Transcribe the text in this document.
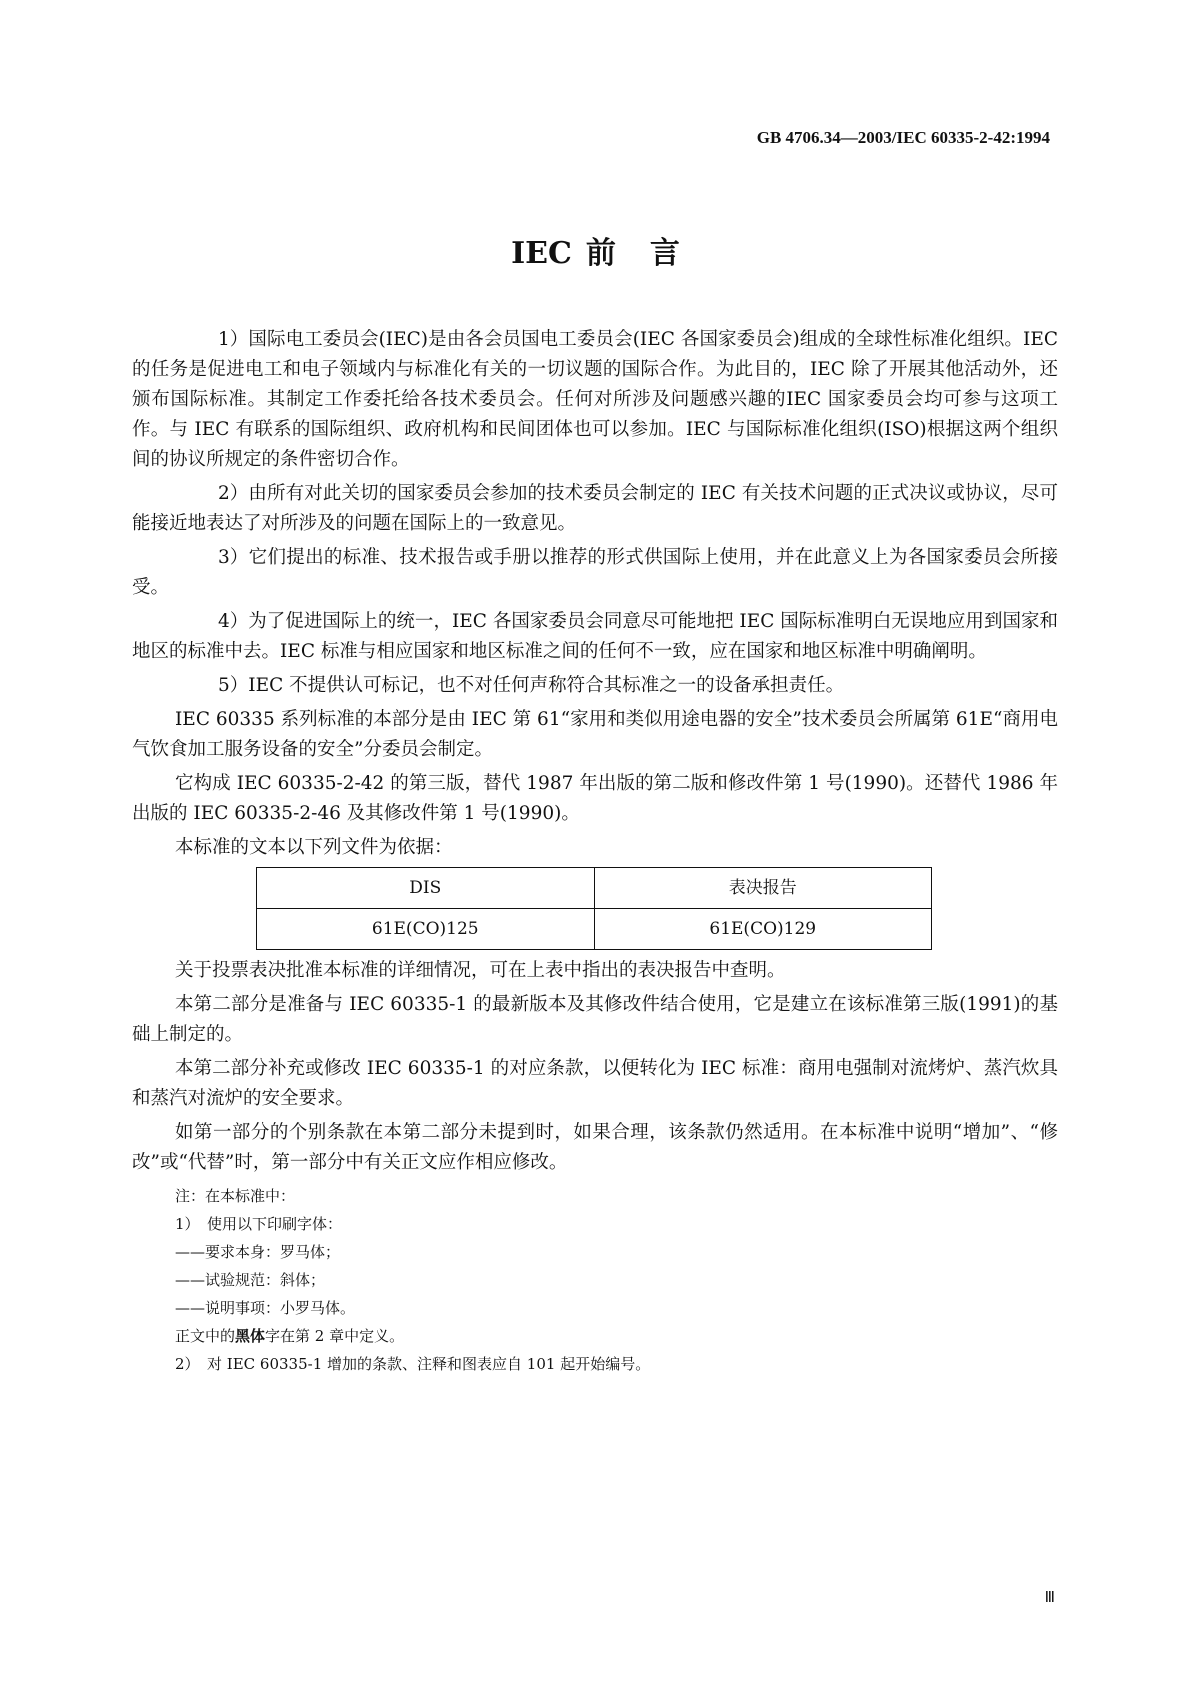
GB 4706.34—2003/IEC 60335-2-42:1994
IEC 前 言

1）国际电工委员会(IEC)是由各会员国电工委员会(IEC 各国家委员会)组成的全球性标准化组织。IEC 的任务是促进电工和电子领域内与标准化有关的一切议题的国际合作。为此目的，IEC 除了开展其他活动外，还颁布国际标准。其制定工作委托给各技术委员会。任何对所涉及问题感兴趣的IEC 国家委员会均可参与这项工作。与 IEC 有联系的国际组织、政府机构和民间团体也可以参加。IEC 与国际标准化组织(ISO)根据这两个组织间的协议所规定的条件密切合作。

2）由所有对此关切的国家委员会参加的技术委员会制定的 IEC 有关技术问题的正式决议或协议，尽可能接近地表达了对所涉及的问题在国际上的一致意见。

3）它们提出的标准、技术报告或手册以推荐的形式供国际上使用，并在此意义上为各国家委员会所接受。

4）为了促进国际上的统一，IEC 各国家委员会同意尽可能地把 IEC 国际标准明白无误地应用到国家和地区的标准中去。IEC 标准与相应国家和地区标准之间的任何不一致，应在国家和地区标准中明确阐明。

5）IEC 不提供认可标记，也不对任何声称符合其标准之一的设备承担责任。

IEC 60335 系列标准的本部分是由 IEC 第 61“家用和类似用途电器的安全”技术委员会所属第 61E“商用电气饮食加工服务设备的安全”分委员会制定。

它构成 IEC 60335-2-42 的第三版，替代 1987 年出版的第二版和修改件第 1 号(1990)。还替代 1986 年出版的 IEC 60335-2-46 及其修改件第 1 号(1990)。

本标准的文本以下列文件为依据：

DIS	表决报告
61E(CO)125	61E(CO)129

关于投票表决批准本标准的详细情况，可在上表中指出的表决报告中查明。

本第二部分是准备与 IEC 60335-1 的最新版本及其修改件结合使用，它是建立在该标准第三版(1991)的基础上制定的。

本第二部分补充或修改 IEC 60335-1 的对应条款，以便转化为 IEC 标准：商用电强制对流烤炉、蒸汽炊具和蒸汽对流炉的安全要求。

如第一部分的个别条款在本第二部分未提到时，如果合理，该条款仍然适用。在本标准中说明“增加”、“修改”或“代替”时，第一部分中有关正文应作相应修改。

注：在本标准中：
1）　使用以下印刷字体：
——要求本身：罗马体；
——试验规范：斜体；
——说明事项：小罗马体。
正文中的黑体字在第 2 章中定义。
2）　对 IEC 60335-1 增加的条款、注释和图表应自 101 起开始编号。
Ⅲ
